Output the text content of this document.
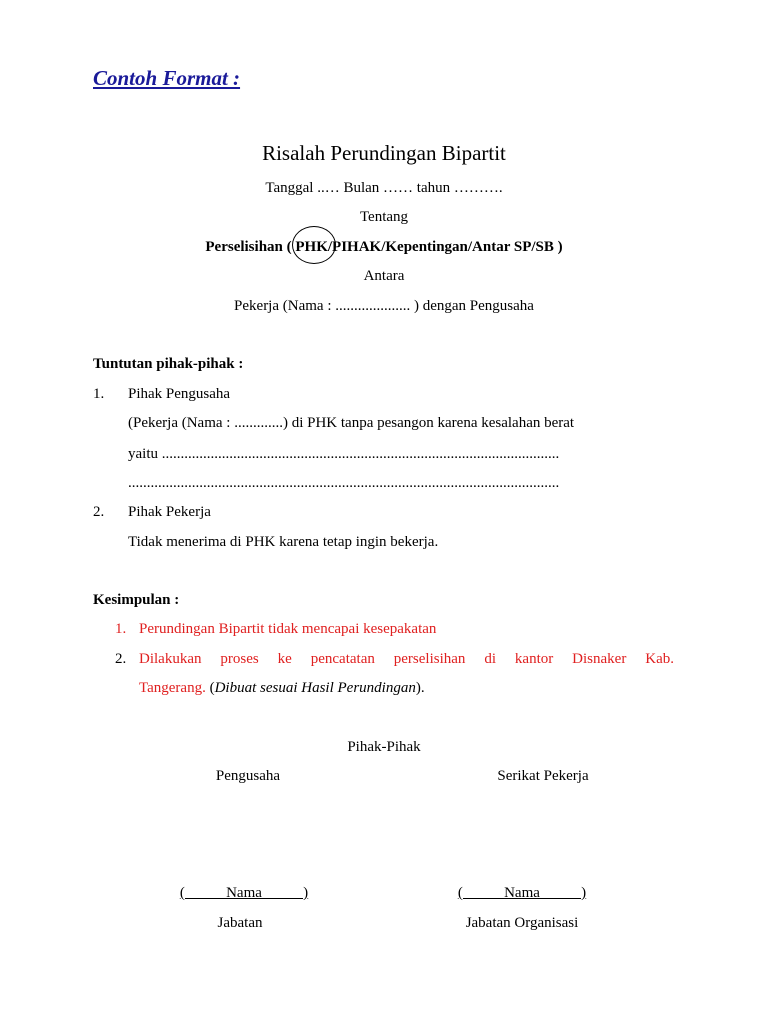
Contoh Format :
Risalah Perundingan Bipartit
Tanggal ..… Bulan …… tahun ……….
Tentang
Perselisihan ( PHK/PIHAK/Kepentingan/Antar SP/SB )
Antara
Pekerja (Nama : .................... ) dengan Pengusaha
Tuntutan pihak-pihak :
1. Pihak Pengusaha
(Pekerja (Nama : .............) di PHK tanpa pesangon karena kesalahan berat
yaitu ..........................................................................................................
...................................................................................................................
2. Pihak Pekerja
Tidak menerima di PHK karena tetap ingin bekerja.
Kesimpulan :
1. Perundingan Bipartit tidak mencapai kesepakatan
2. Dilakukan proses ke pencatatan perselisihan di kantor Disnaker Kab.
Tangerang. (Dibuat sesuai Hasil Perundingan).
Pihak-Pihak
Pengusaha	Serikat Pekerja
(           Nama           )	(           Nama           )
Jabatan	Jabatan Organisasi
